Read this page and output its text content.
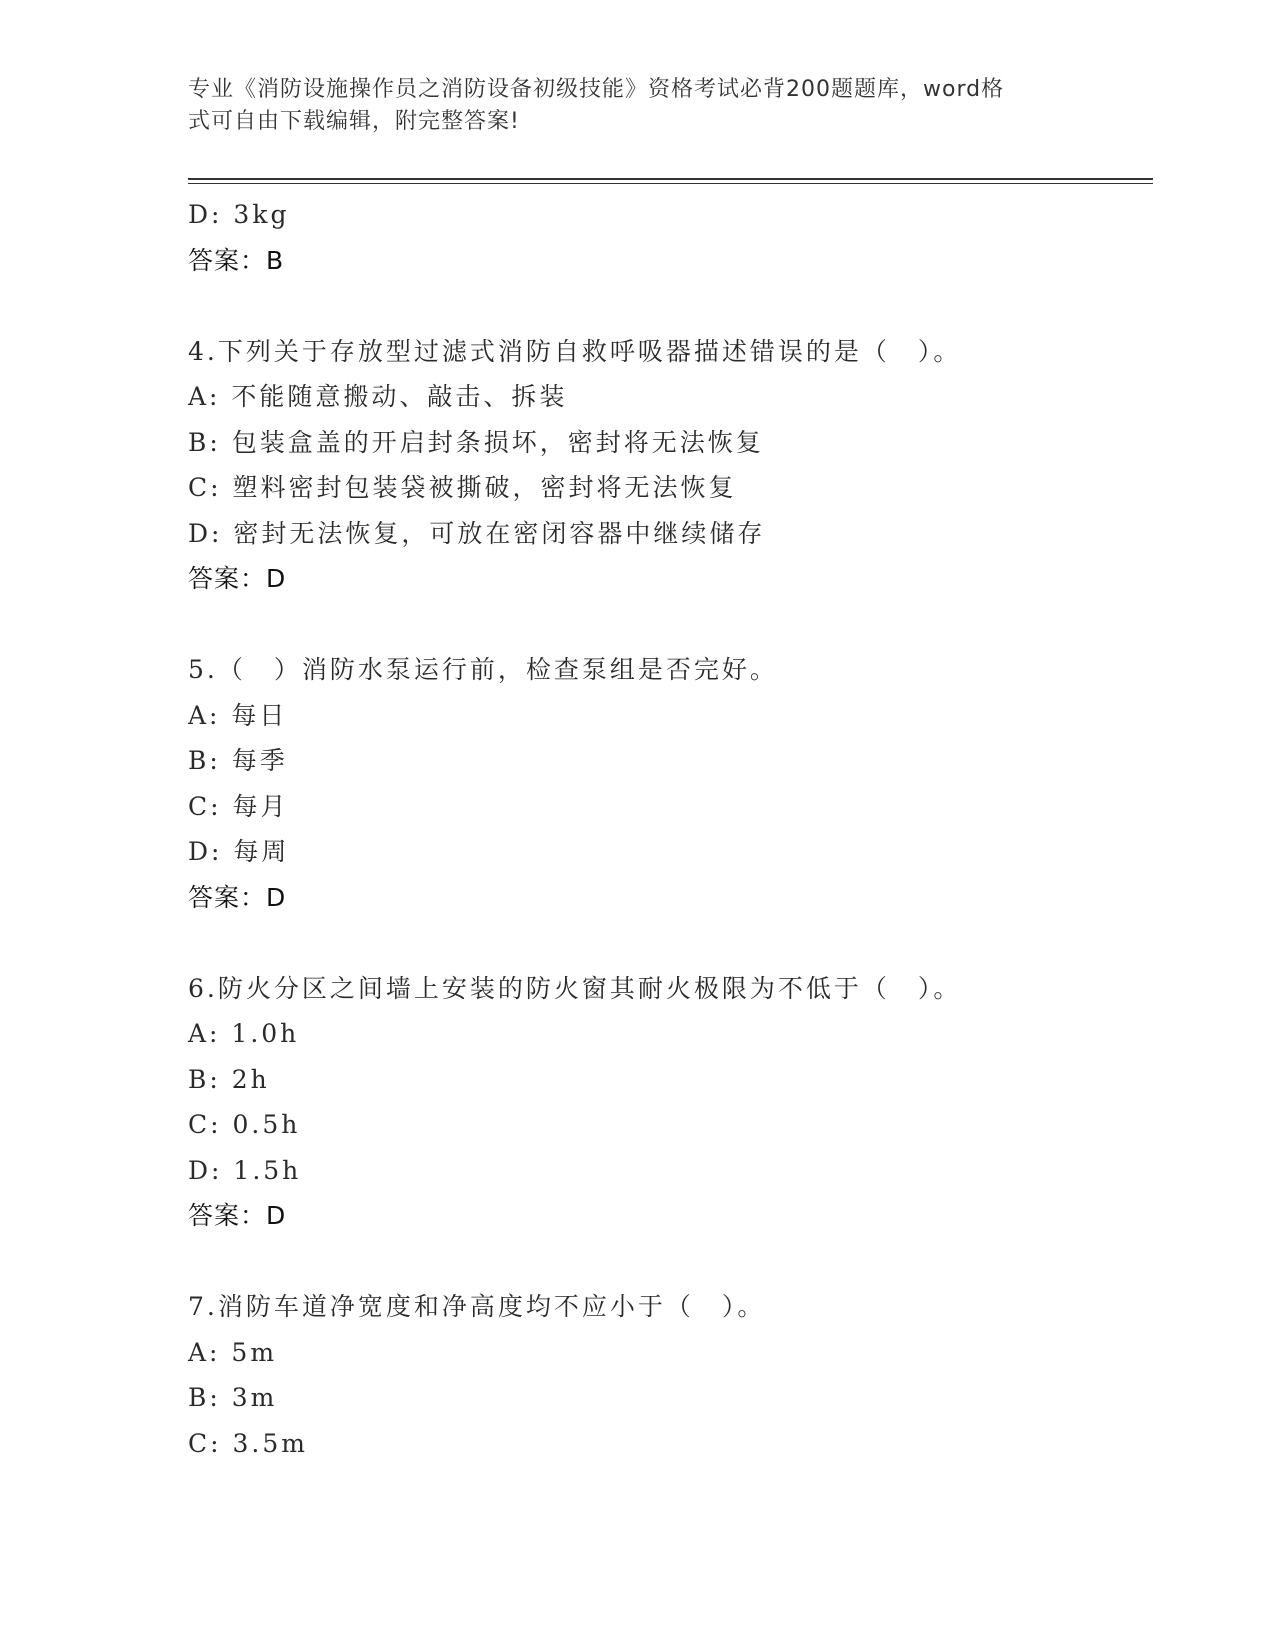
专业《消防设施操作员之消防设备初级技能》资格考试必背200题题库，word格
式可自由下载编辑，附完整答案!
D: 3kg
答案：B
4.下列关于存放型过滤式消防自救呼吸器描述错误的是（　）。
A: 不能随意搬动、敲击、拆装
B: 包装盒盖的开启封条损坏，密封将无法恢复
C: 塑料密封包装袋被撕破，密封将无法恢复
D: 密封无法恢复，可放在密闭容器中继续储存
答案：D
5.（　）消防水泵运行前，检查泵组是否完好。
A: 每日
B: 每季
C: 每月
D: 每周
答案：D
6.防火分区之间墙上安装的防火窗其耐火极限为不低于（　）。
A: 1.0h
B: 2h
C: 0.5h
D: 1.5h
答案：D
7.消防车道净宽度和净高度均不应小于（　）。
A: 5m
B: 3m
C: 3.5m
